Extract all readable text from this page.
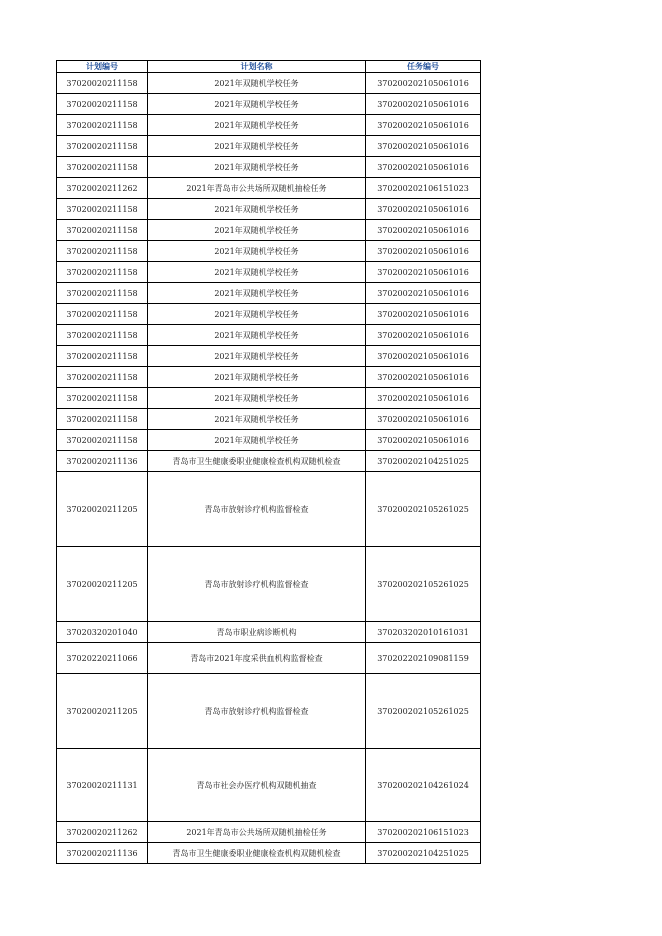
计划编号	计划名称	任务编号
37020020211158	2021年双随机学校任务	370200202105061016
37020020211158	2021年双随机学校任务	370200202105061016
37020020211158	2021年双随机学校任务	370200202105061016
37020020211158	2021年双随机学校任务	370200202105061016
37020020211158	2021年双随机学校任务	370200202105061016
37020020211262	2021年青岛市公共场所双随机抽检任务	370200202106151023
37020020211158	2021年双随机学校任务	370200202105061016
37020020211158	2021年双随机学校任务	370200202105061016
37020020211158	2021年双随机学校任务	370200202105061016
37020020211158	2021年双随机学校任务	370200202105061016
37020020211158	2021年双随机学校任务	370200202105061016
37020020211158	2021年双随机学校任务	370200202105061016
37020020211158	2021年双随机学校任务	370200202105061016
37020020211158	2021年双随机学校任务	370200202105061016
37020020211158	2021年双随机学校任务	370200202105061016
37020020211158	2021年双随机学校任务	370200202105061016
37020020211158	2021年双随机学校任务	370200202105061016
37020020211158	2021年双随机学校任务	370200202105061016
37020020211136	青岛市卫生健康委职业健康检查机构双随机检查	370200202104251025
37020020211205	青岛市放射诊疗机构监督检查	370200202105261025
37020020211205	青岛市放射诊疗机构监督检查	370200202105261025
37020320201040	青岛市职业病诊断机构	370203202010161031
37020220211066	青岛市2021年度采供血机构监督检查	370202202109081159
37020020211205	青岛市放射诊疗机构监督检查	370200202105261025
37020020211131	青岛市社会办医疗机构双随机抽查	370200202104261024
37020020211262	2021年青岛市公共场所双随机抽检任务	370200202106151023
37020020211136	青岛市卫生健康委职业健康检查机构双随机检查	370200202104251025
